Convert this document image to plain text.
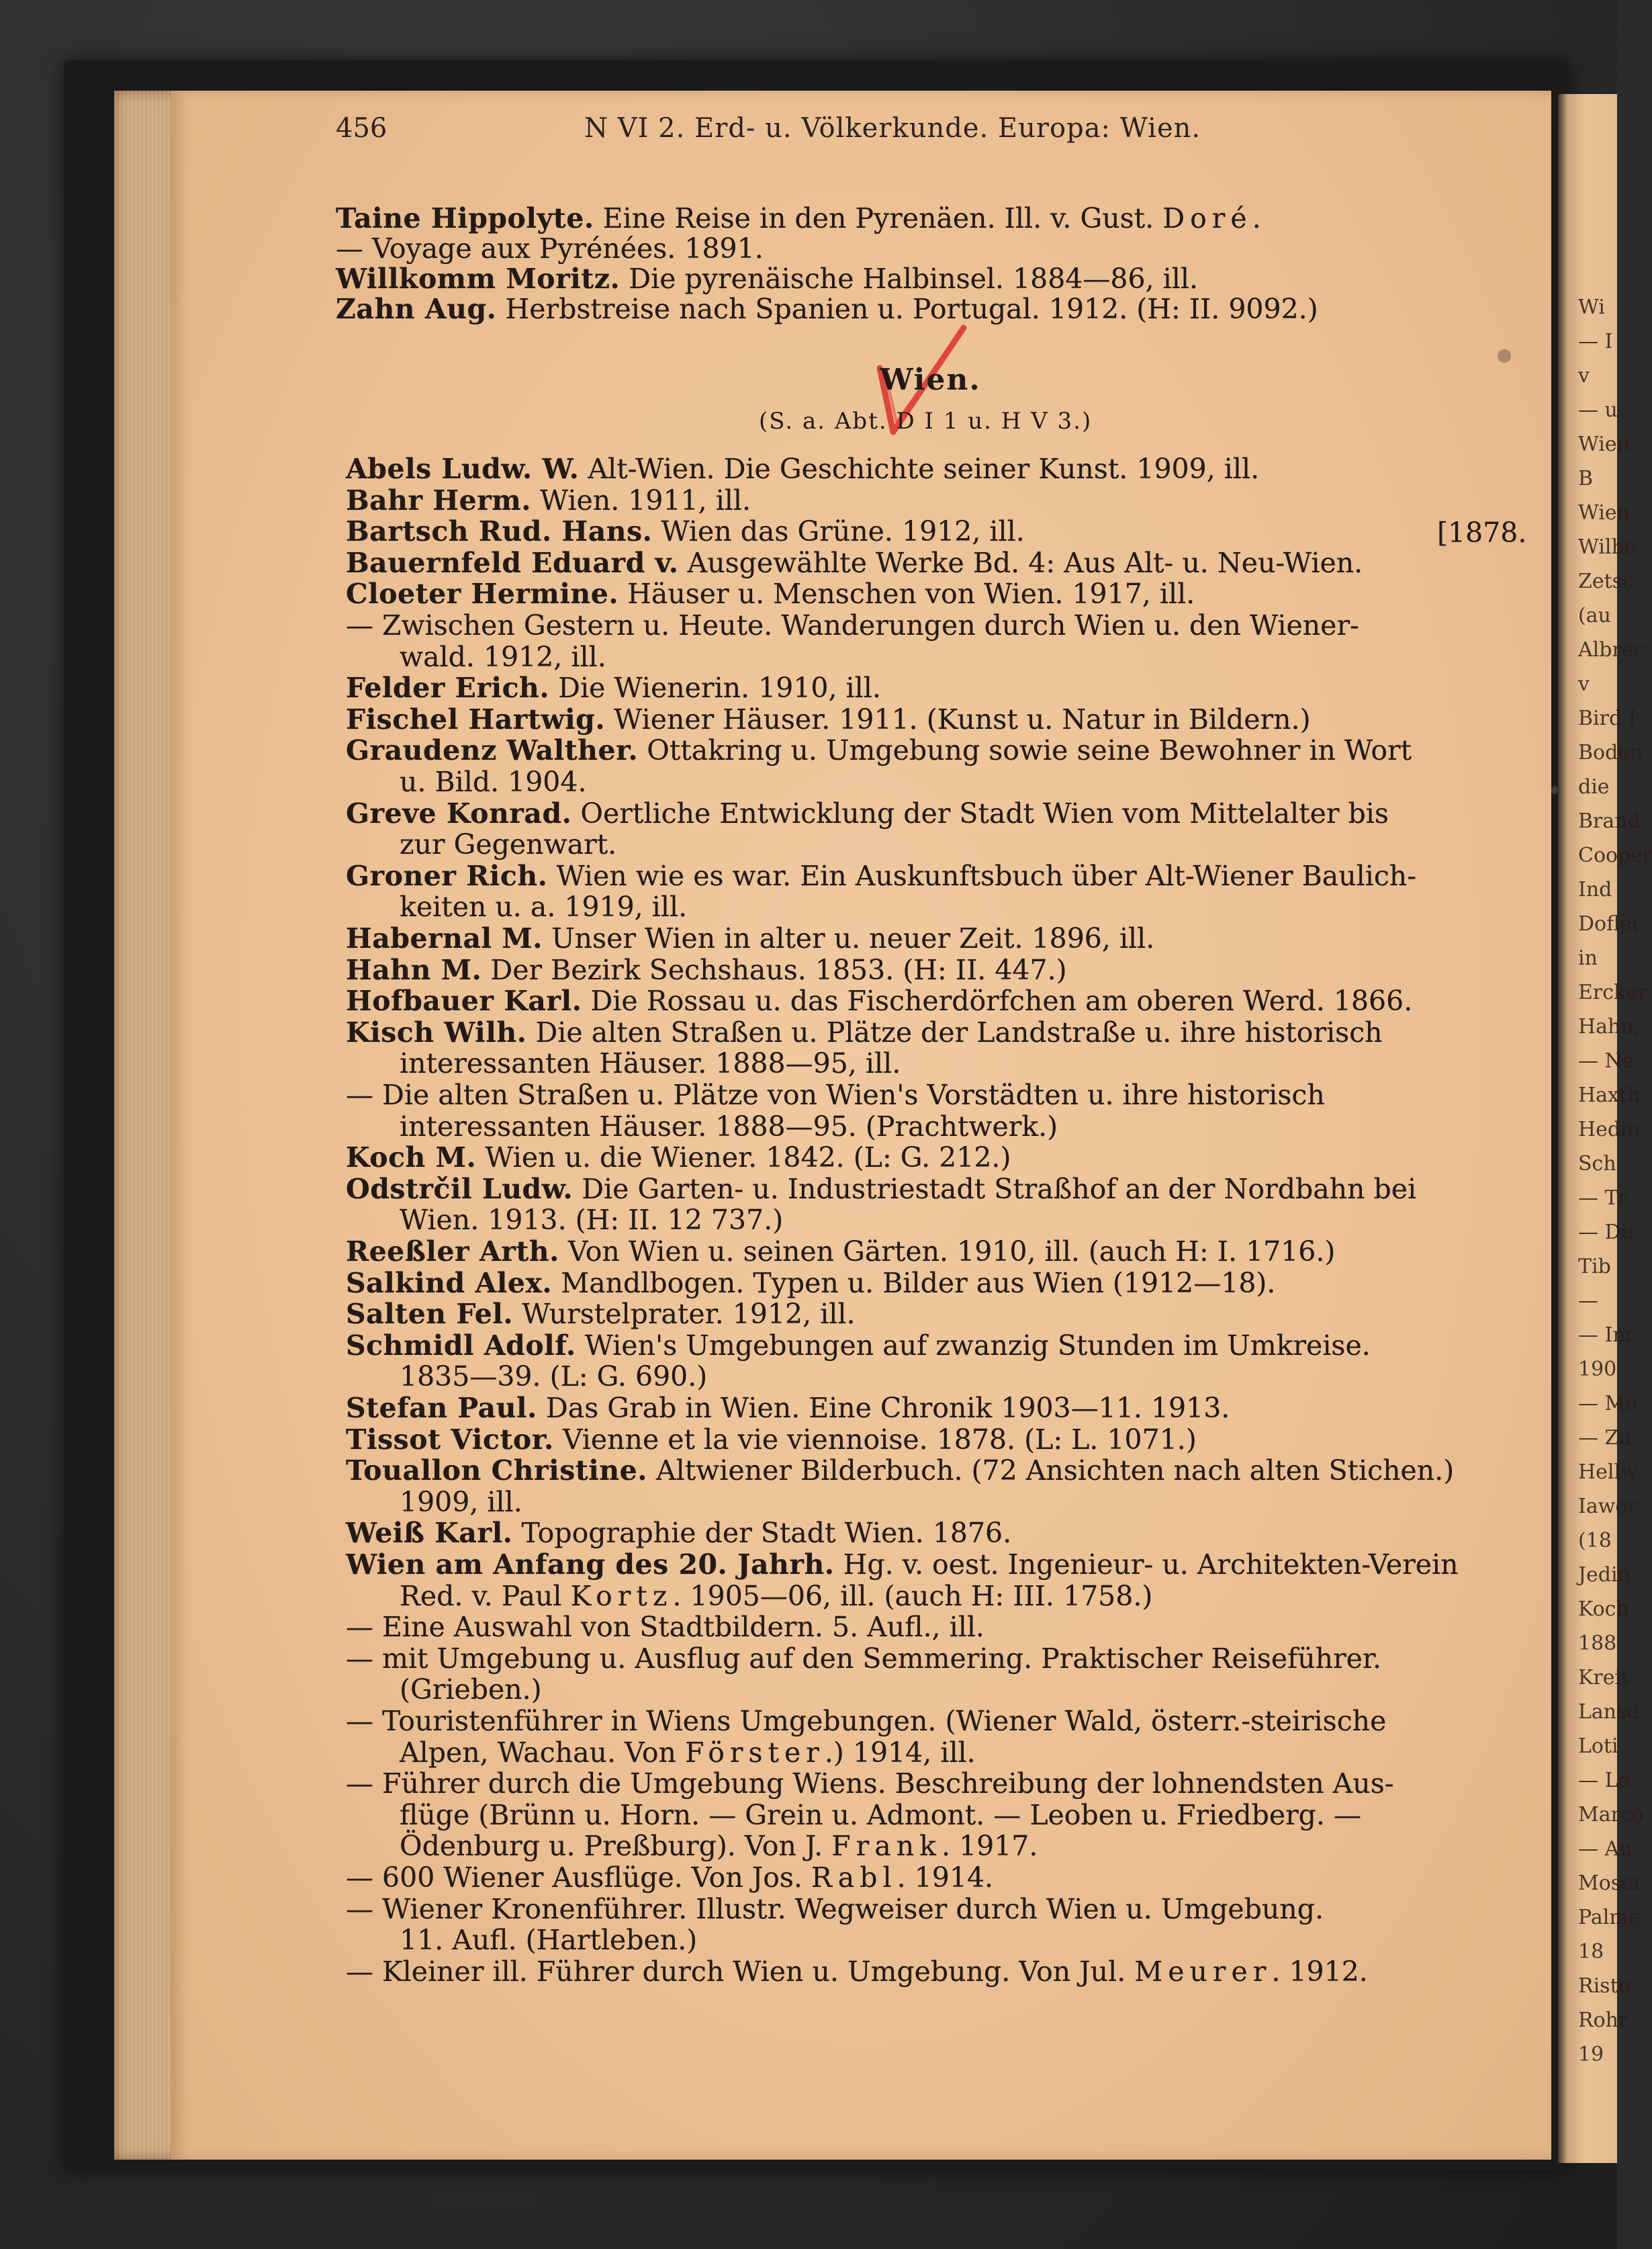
Wi
— I
v
— u
Wien
B
Wien
Wilhe
Zetsc
(au
Albrec
v
Bird I
Boden
die
Brand
Cooper
Ind
Doflei
in
Ercker
Hahn,
— Ne
Haxth
Hedin
Sch
— Tr
— Du
Tib
—
— Im
190
— Me
— Zu
Hellw
Iawor
(18
Jedin
Koch
188
Kreit
Lansd
Loti
— Le
Marco
— Au
Moser
Palme
18
Risto
Rohr
19
456	N VI 2. Erd- u. Völkerkunde. Europa: Wien.
Taine Hippolyte. Eine Reise in den Pyrenäen. Ill. v. Gust. Doré.
— Voyage aux Pyrénées. 1891.
Willkomm Moritz. Die pyrenäische Halbinsel. 1884—86, ill.
Zahn Aug. Herbstreise nach Spanien u. Portugal. 1912. (H: II. 9092.)
Wien.
(S. a. Abt. D I 1 u. H V 3.)
Abels Ludw. W. Alt-Wien. Die Geschichte seiner Kunst. 1909, ill.
Bahr Herm. Wien. 1911, ill.
Bartsch Rud. Hans. Wien das Grüne. 1912, ill.
Bauernfeld Eduard v. Ausgewählte Werke Bd. 4: Aus Alt- u. Neu-Wien.
Cloeter Hermine. Häuser u. Menschen von Wien. 1917, ill.
— Zwischen Gestern u. Heute. Wanderungen durch Wien u. den Wiener-
wald. 1912, ill.
Felder Erich. Die Wienerin. 1910, ill.
Fischel Hartwig. Wiener Häuser. 1911. (Kunst u. Natur in Bildern.)
Graudenz Walther. Ottakring u. Umgebung sowie seine Bewohner in Wort
u. Bild. 1904.
Greve Konrad. Oertliche Entwicklung der Stadt Wien vom Mittelalter bis
zur Gegenwart.
Groner Rich. Wien wie es war. Ein Auskunftsbuch über Alt-Wiener Baulich-
keiten u. a. 1919, ill.
Habernal M. Unser Wien in alter u. neuer Zeit. 1896, ill.
Hahn M. Der Bezirk Sechshaus. 1853. (H: II. 447.)
Hofbauer Karl. Die Rossau u. das Fischerdörfchen am oberen Werd. 1866.
Kisch Wilh. Die alten Straßen u. Plätze der Landstraße u. ihre historisch
interessanten Häuser. 1888—95, ill.
— Die alten Straßen u. Plätze von Wien's Vorstädten u. ihre historisch
interessanten Häuser. 1888—95. (Prachtwerk.)
Koch M. Wien u. die Wiener. 1842. (L: G. 212.)
Odstrčil Ludw. Die Garten- u. Industriestadt Straßhof an der Nordbahn bei
Wien. 1913. (H: II. 12 737.)
Reeßler Arth. Von Wien u. seinen Gärten. 1910, ill. (auch H: I. 1716.)
Salkind Alex. Mandlbogen. Typen u. Bilder aus Wien (1912—18).
Salten Fel. Wurstelprater. 1912, ill.
Schmidl Adolf. Wien's Umgebungen auf zwanzig Stunden im Umkreise.
1835—39. (L: G. 690.)
Stefan Paul. Das Grab in Wien. Eine Chronik 1903—11. 1913.
Tissot Victor. Vienne et la vie viennoise. 1878. (L: L. 1071.)
Touallon Christine. Altwiener Bilderbuch. (72 Ansichten nach alten Stichen.)
1909, ill.
Weiß Karl. Topographie der Stadt Wien. 1876.
Wien am Anfang des 20. Jahrh. Hg. v. oest. Ingenieur- u. Architekten-Verein
Red. v. Paul Kortz. 1905—06, ill. (auch H: III. 1758.)
— Eine Auswahl von Stadtbildern. 5. Aufl., ill.
— mit Umgebung u. Ausflug auf den Semmering. Praktischer Reiseführer.
(Grieben.)
— Touristenführer in Wiens Umgebungen. (Wiener Wald, österr.-steirische
Alpen, Wachau. Von Förster.) 1914, ill.
— Führer durch die Umgebung Wiens. Beschreibung der lohnendsten Aus-
flüge (Brünn u. Horn. — Grein u. Admont. — Leoben u. Friedberg. —
Ödenburg u. Preßburg). Von J. Frank. 1917.
— 600 Wiener Ausflüge. Von Jos. Rabl. 1914.
— Wiener Kronenführer. Illustr. Wegweiser durch Wien u. Umgebung.
11. Aufl. (Hartleben.)
— Kleiner ill. Führer durch Wien u. Umgebung. Von Jul. Meurer. 1912.
[1878.
